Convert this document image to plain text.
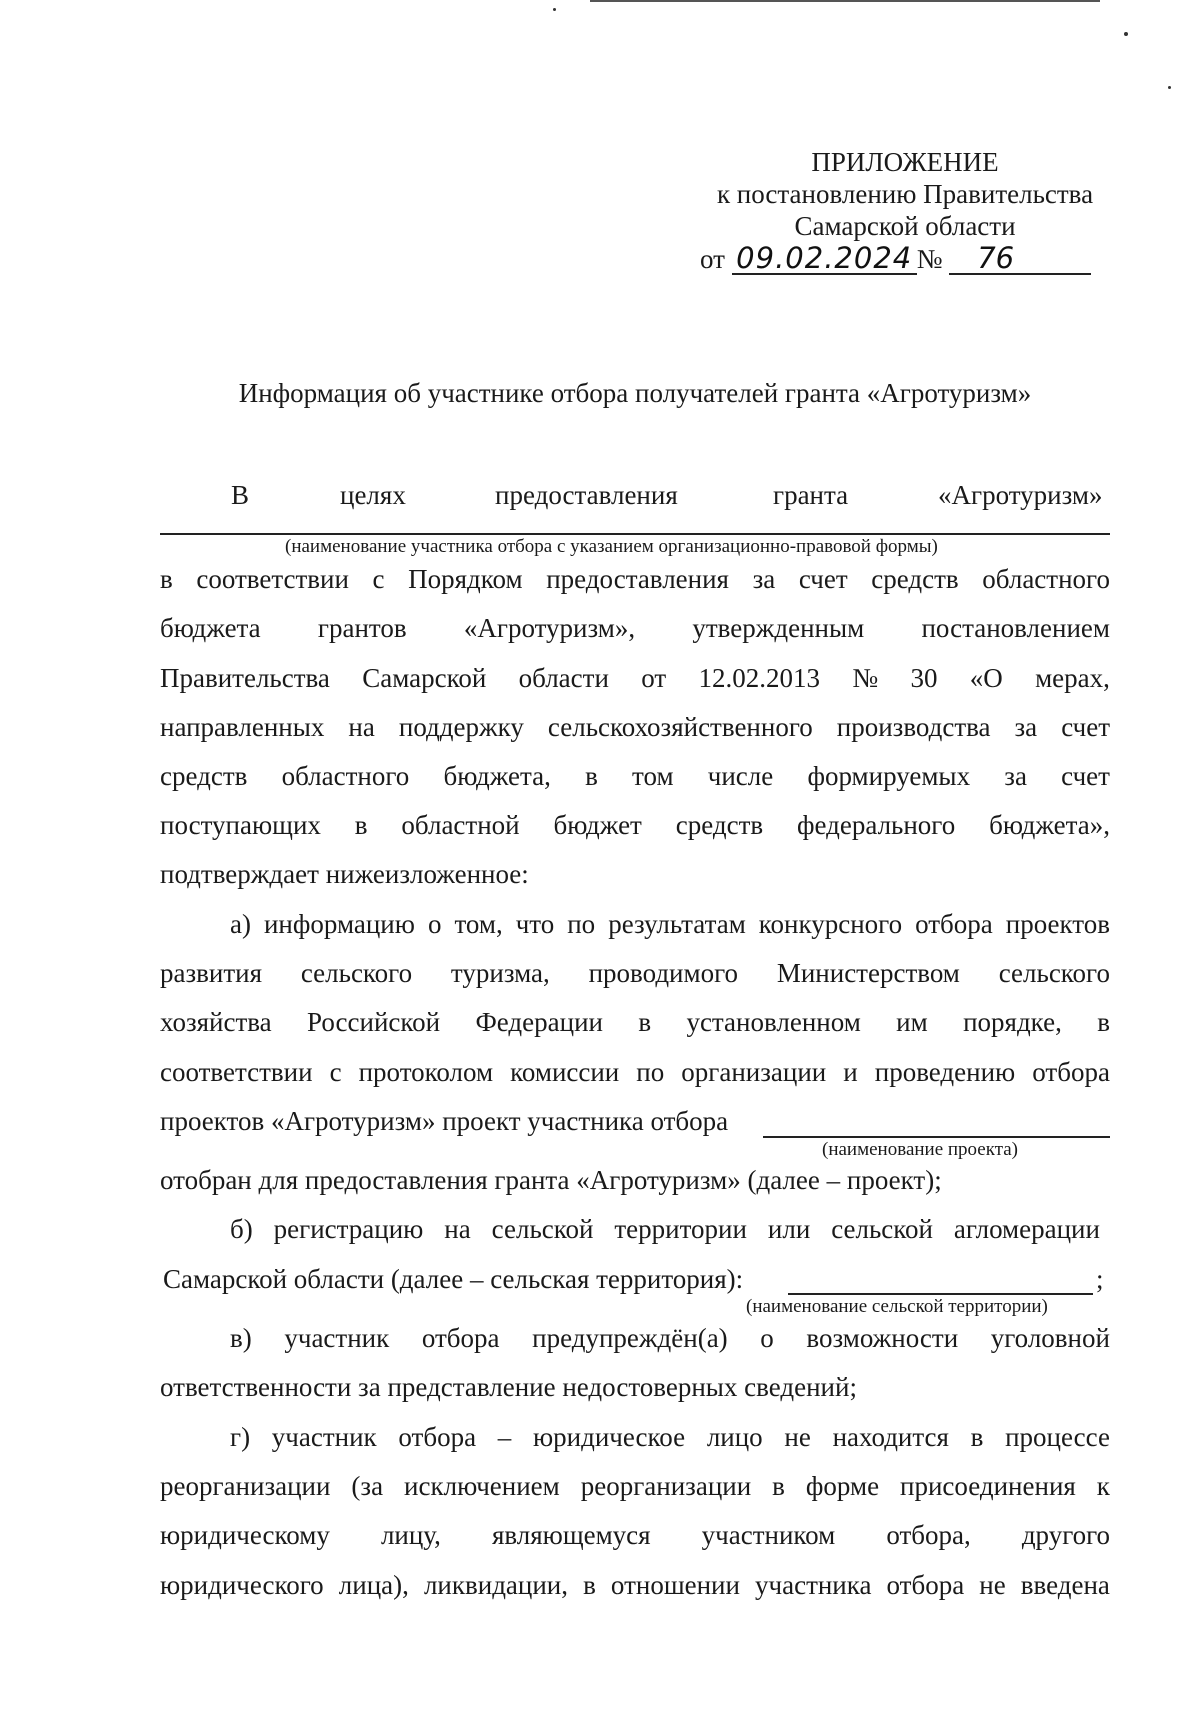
ПРИЛОЖЕНИЕ
к постановлению Правительства
Самарской области
от 09.02.2024 № 76
Информация об участнике отбора получателей гранта «Агротуризм»
В	целях	предоставления	гранта	«Агротуризм»
(наименование участника отбора с указанием организационно-правовой формы)
в соответствии с Порядком предоставления за счет средств областного
бюджета грантов «Агротуризм», утвержденным постановлением
Правительства Самарской области от 12.02.2013 № 30 «О мерах,
направленных на поддержку сельскохозяйственного производства за счет
средств областного бюджета, в том числе формируемых за счет
поступающих в областной бюджет средств федерального бюджета»,
подтверждает нижеизложенное:
а) информацию о том, что по результатам конкурсного отбора проектов
развития сельского туризма, проводимого Министерством сельского
хозяйства Российской Федерации в установленном им порядке, в
соответствии с протоколом комиссии по организации и проведению отбора
проектов «Агротуризм» проект участника отбора
(наименование проекта)
отобран для предоставления гранта «Агротуризм» (далее – проект);
б) регистрацию на сельской территории или сельской агломерации
Самарской области (далее – сельская территория):	;
(наименование сельской территории)
в) участник отбора предупреждён(а) о возможности уголовной
ответственности за представление недостоверных сведений;
г) участник отбора – юридическое лицо не находится в процессе
реорганизации (за исключением реорганизации в форме присоединения к
юридическому лицу, являющемуся участником отбора, другого
юридического лица), ликвидации, в отношении участника отбора не введена
